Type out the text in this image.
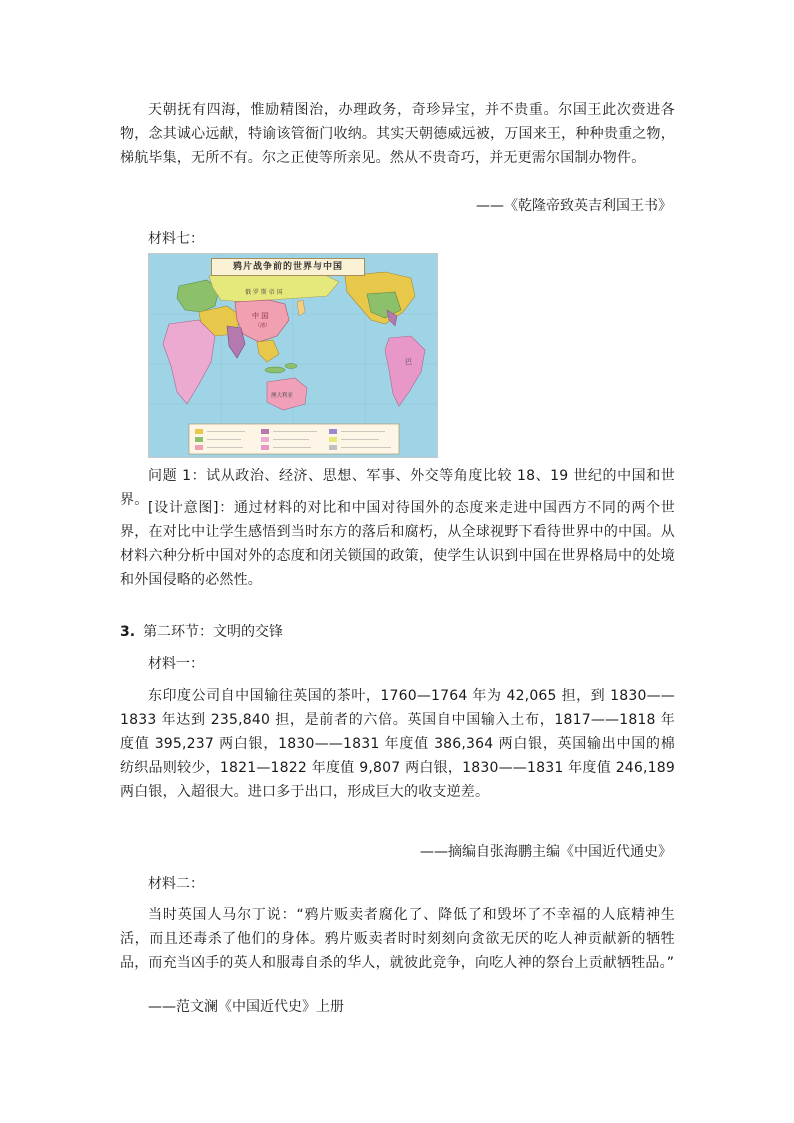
天朝抚有四海，惟励精图治，办理政务，奇珍异宝，并不贵重。尔国王此次赍进各物，念其诚心远献，特谕该管衙门收纳。其实天朝德威远被，万国来王，种种贵重之物，梯航毕集，无所不有。尔之正使等所亲见。然从不贵奇巧，并无更需尔国制办物件。

——《乾隆帝致英吉利国王书》

材料七：

俄 罗 斯 帝 国
中 国
（清）
澳大利亚
巴
鸦片战争前的世界与中国

问题 1：试从政治、经济、思想、军事、外交等角度比较 18、19 世纪的中国和世界。 [设计意图]：通过材料的对比和中国对待国外的态度来走进中国西方不同的两个世界，在对比中让学生感悟到当时东方的落后和腐朽，从全球视野下看待世界中的中国。从材料六种分析中国对外的态度和闭关锁国的政策，使学生认识到中国在世界格局中的处境和外国侵略的必然性。

3. 第二环节：文明的交锋

材料一：

东印度公司自中国输往英国的茶叶，1760—1764 年为 42,065 担，到 1830——1833 年达到 235,840 担，是前者的六倍。英国自中国输入土布，1817——1818 年度值 395,237 两白银，1830——1831 年度值 386,364 两白银，英国输出中国的棉纺织品则较少，1821—1822 年度值 9,807 两白银，1830——1831 年度值 246,189 两白银，入超很大。进口多于出口，形成巨大的收支逆差。

——摘编自张海鹏主编《中国近代通史》

材料二：

当时英国人马尔丁说：“鸦片贩卖者腐化了、降低了和毁坏了不幸福的人底精神生活，而且还毒杀了他们的身体。鸦片贩卖者时时刻刻向贪欲无厌的吃人神贡献新的牺牲品，而充当凶手的英人和服毒自杀的华人，就彼此竞争，向吃人神的祭台上贡献牺牲品。”

——范文澜《中国近代史》上册
